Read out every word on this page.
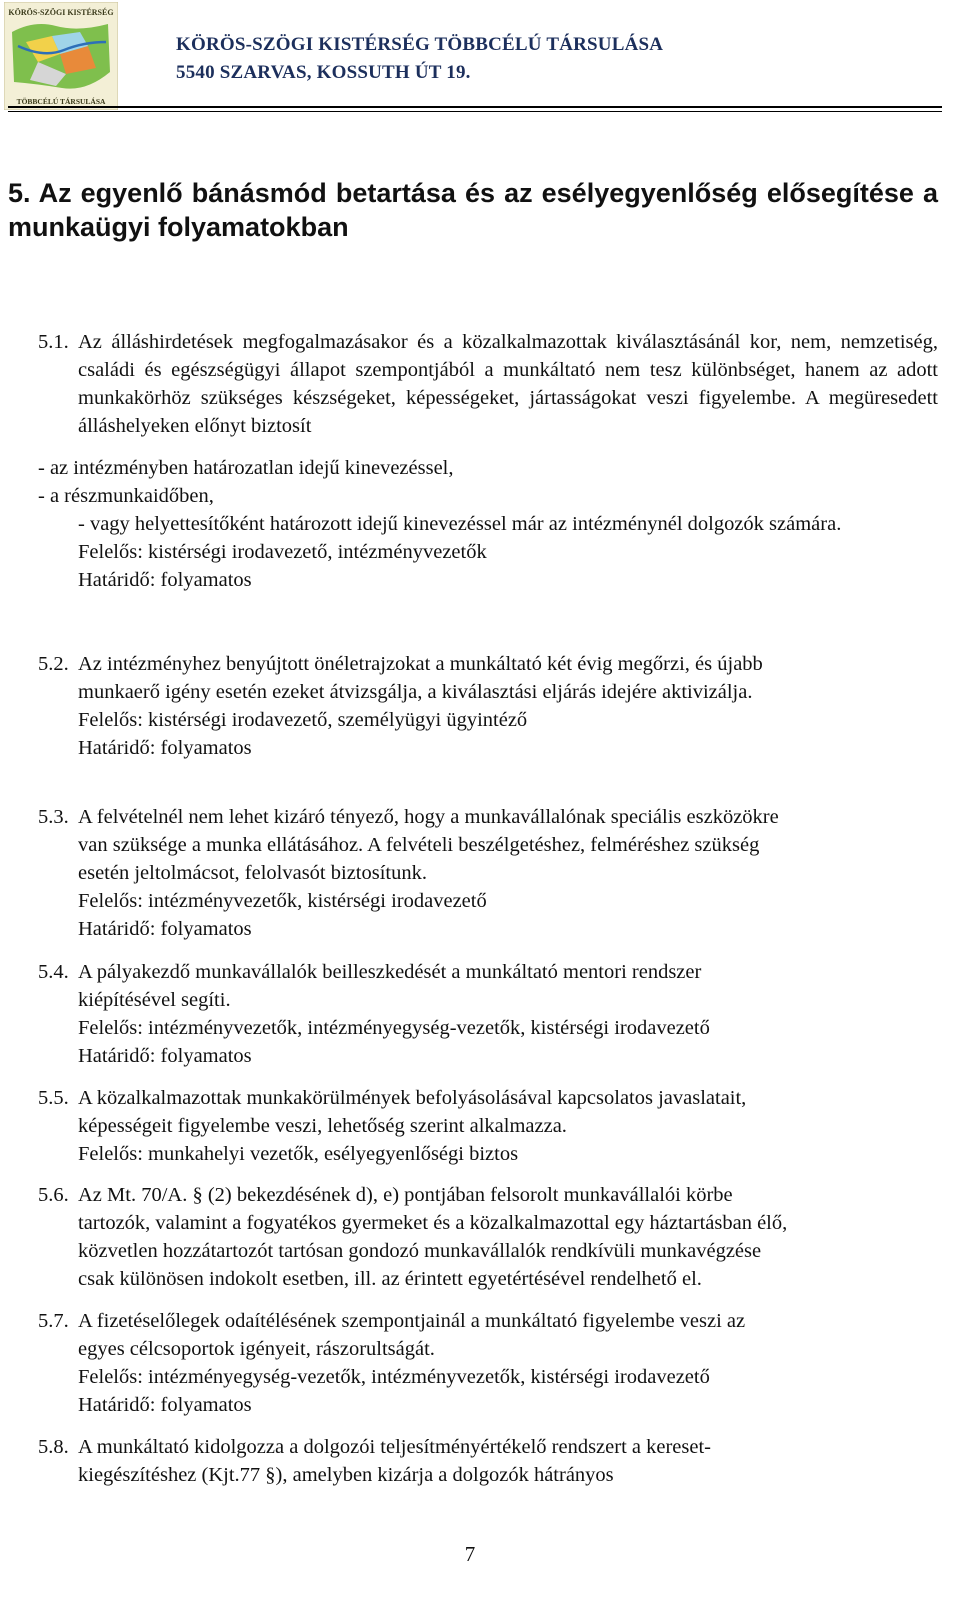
KÖRÖS-SZÖGI KISTÉRSÉG
TÖBBCÉLÚ TÁRSULÁSA
KÖRÖS-SZÖGI KISTÉRSÉG TÖBBCÉLÚ TÁRSULÁSA
5540 SZARVAS, KOSSUTH ÚT 19.
5. Az egyenlő bánásmód betartása és az esélyegyenlőség elősegítése a munkaügyi folyamatokban
5.1. Az álláshirdetések megfogalmazásakor és a közalkalmazottak kiválasztásánál kor, nem, nemzetiség, családi és egészségügyi állapot szempontjából a munkáltató nem tesz különbséget, hanem az adott munkakörhöz szükséges készségeket, képességeket, jártasságokat veszi figyelembe. A megüresedett álláshelyeken előnyt biztosít
- az intézményben határozatlan idejű kinevezéssel,
- a részmunkaidőben,
- vagy helyettesítőként határozott idejű kinevezéssel már az intézménynél dolgozók számára.
Felelős: kistérségi irodavezető, intézményvezetők
Határidő: folyamatos
5.2. Az intézményhez benyújtott önéletrajzokat a munkáltató két évig megőrzi, és újabb
munkaerő igény esetén ezeket átvizsgálja, a kiválasztási eljárás idejére aktivizálja.
Felelős: kistérségi irodavezető, személyügyi ügyintéző
Határidő: folyamatos
5.3. A felvételnél nem lehet kizáró tényező, hogy a munkavállalónak speciális eszközökre
van szüksége a munka ellátásához. A felvételi beszélgetéshez, felméréshez szükség
esetén jeltolmácsot, felolvasót biztosítunk.
Felelős: intézményvezetők, kistérségi irodavezető
Határidő: folyamatos
5.4. A pályakezdő munkavállalók beilleszkedését a munkáltató mentori rendszer
kiépítésével segíti.
Felelős: intézményvezetők, intézményegység-vezetők, kistérségi irodavezető
Határidő: folyamatos
5.5. A közalkalmazottak munkakörülmények befolyásolásával kapcsolatos javaslatait,
képességeit figyelembe veszi, lehetőség szerint alkalmazza.
Felelős: munkahelyi vezetők, esélyegyenlőségi biztos
5.6. Az Mt. 70/A. § (2) bekezdésének d), e) pontjában felsorolt munkavállalói körbe
tartozók, valamint a fogyatékos gyermeket és a közalkalmazottal egy háztartásban élő,
közvetlen hozzátartozót tartósan gondozó munkavállalók rendkívüli munkavégzése
csak különösen indokolt esetben, ill. az érintett egyetértésével rendelhető el.
5.7. A fizetéselőlegek odaítélésének szempontjainál a munkáltató figyelembe veszi az
egyes célcsoportok igényeit, rászorultságát.
Felelős: intézményegység-vezetők, intézményvezetők, kistérségi irodavezető
Határidő: folyamatos
5.8. A munkáltató kidolgozza a dolgozói teljesítményértékelő rendszert a kereset-
kiegészítéshez (Kjt.77 §), amelyben kizárja a dolgozók hátrányos
7
